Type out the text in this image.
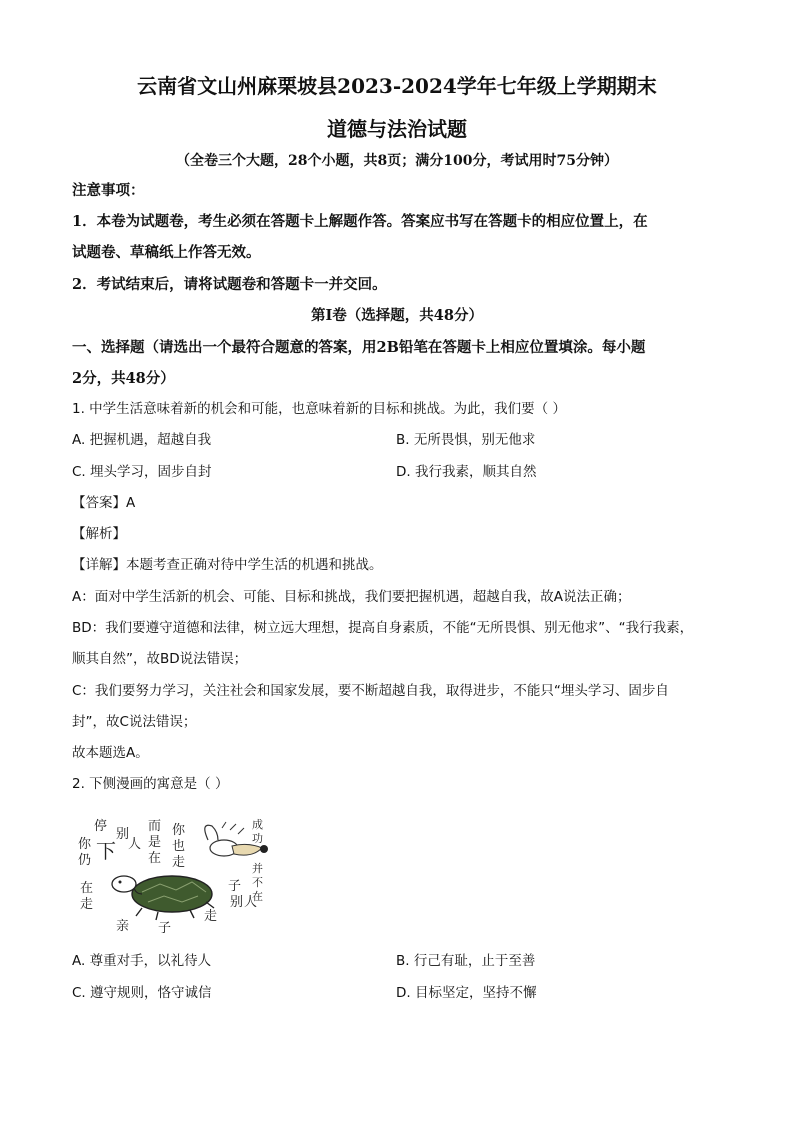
云南省文山州麻栗坡县2023-2024学年七年级上学期期末
道德与法治试题
（全卷三个大题，28个小题，共8页；满分100分，考试用时75分钟）
注意事项：
1．本卷为试题卷，考生必须在答题卡上解题作答。答案应书写在答题卡的相应位置上，在
试题卷、草稿纸上作答无效。
2．考试结束后，请将试题卷和答题卡一并交回。
第Ⅰ卷（选择题，共48分）
一、选择题（请选出一个最符合题意的答案，用2B铅笔在答题卡上相应位置填涂。每小题
2分，共48分）
1. 中学生活意味着新的机会和可能，也意味着新的目标和挑战。为此，我们要（ ）
A. 把握机遇，超越自我	B. 无所畏惧，别无他求
C. 埋头学习，固步自封	D. 我行我素，顺其自然
【答案】A
【解析】
【详解】本题考查正确对待中学生活的机遇和挑战。
A：面对中学生活新的机会、可能、目标和挑战，我们要把握机遇，超越自我，故A说法正确；
BD：我们要遵守道德和法律，树立远大理想，提高自身素质，不能“无所畏惧、别无他求”、“我行我素，
顺其自然”，故BD说法错误；
C：我们要努力学习，关注社会和国家发展，要不断超越自我，取得进步，不能只“埋头学习、固步自
封”，故C说法错误；
故本题选A。
2. 下侧漫画的寓意是（ ）
你
仍
停
下
别
人
而
是
在
你
也
走
成
功
并
不
在
在
走
子
别 人
走
亲 子
A. 尊重对手，以礼待人	B. 行己有耻，止于至善
C. 遵守规则，恪守诚信	D. 目标坚定，坚持不懈
